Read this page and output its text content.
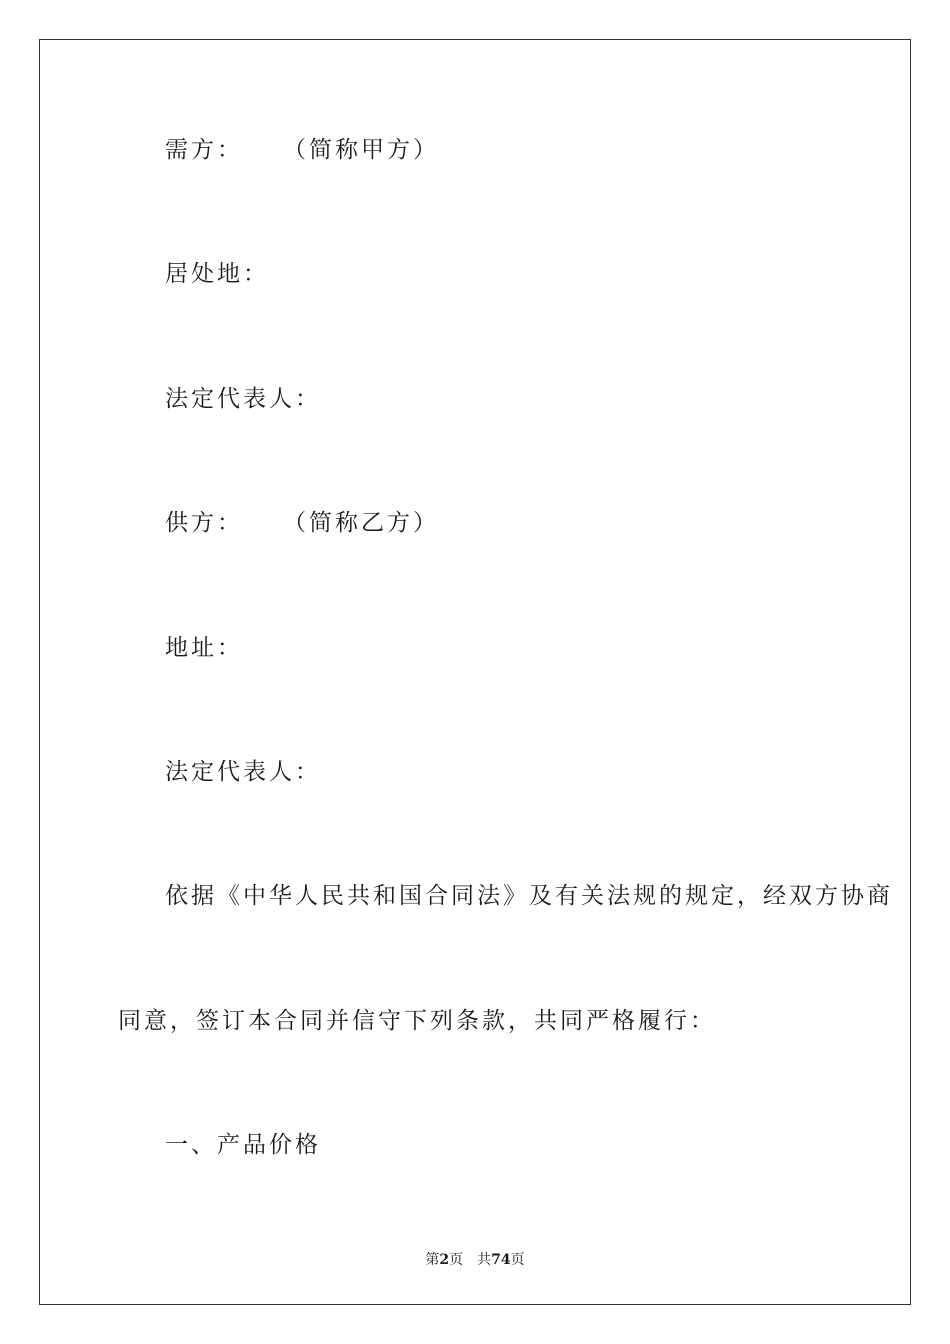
需方： （简称甲方）
居处地：
法定代表人：
供方： （简称乙方）
地址：
法定代表人：
依据《中华人民共和国合同法》及有关法规的规定，经双方协商
同意，签订本合同并信守下列条款，共同严格履行：
一、产品价格
第2页　共74页
